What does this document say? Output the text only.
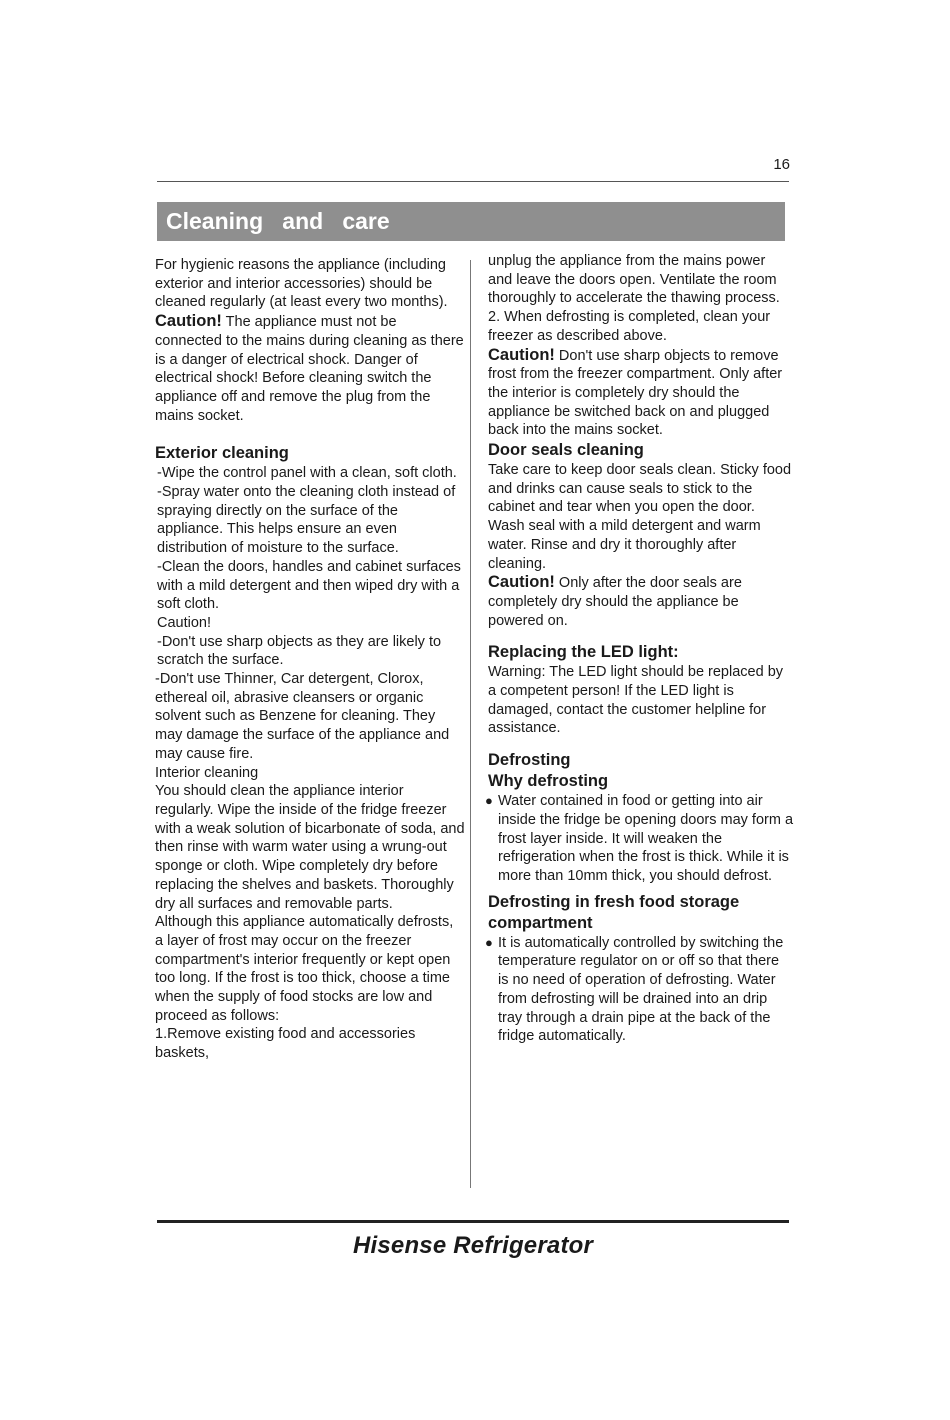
16
Cleaning   and   care

For hygienic reasons the appliance (including exterior and interior accessories) should be cleaned regularly (at least every two months).

Caution! The appliance must not be connected to the mains during cleaning as there is a danger of electrical shock. Danger of electrical shock! Before cleaning switch the appliance off and remove the plug from the mains socket.

Exterior cleaning

-Wipe the control panel with a clean, soft cloth.

-Spray water onto the cleaning cloth instead of spraying directly on the surface of the appliance. This helps ensure an even distribution of moisture to the surface.

-Clean the doors, handles and cabinet surfaces with a mild detergent and then wiped dry with a soft cloth.

Caution!

-Don't use sharp objects as they are likely to scratch the surface.

-Don't use Thinner, Car detergent, Clorox, ethereal oil, abrasive cleansers or organic solvent such as Benzene for cleaning. They may damage the surface of the appliance and may cause fire.

Interior cleaning

You should clean the appliance interior regularly. Wipe the inside of the fridge freezer with a weak solution of bicarbonate of soda, and then rinse with warm water using a wrung-out sponge or cloth. Wipe completely dry before replacing the shelves and baskets. Thoroughly dry all surfaces and removable parts.

Although this appliance automatically defrosts, a layer of frost may occur on the freezer compartment's interior frequently or kept open too long. If the frost is too thick, choose a time when the supply of food stocks are low and proceed as follows:

1.Remove existing food and accessories baskets,

unplug the appliance from the mains power and leave the doors open. Ventilate the room thoroughly to accelerate the thawing process.

2. When defrosting is completed, clean your freezer as described above.

Caution! Don't use sharp objects to remove frost from the freezer compartment. Only after the interior is completely dry should the appliance be switched back on and plugged back into the mains socket.

Door seals cleaning

Take care to keep door seals clean. Sticky food and drinks can cause seals to stick to the cabinet and tear when you open the door. Wash seal with a mild detergent and warm water. Rinse and dry it thoroughly after cleaning.

Caution! Only after the door seals are completely dry should the appliance be powered on.

Replacing the LED light:

Warning: The LED light should be replaced by a competent person! If the LED light is damaged, contact the customer helpline for assistance.

Defrosting

Why defrosting

● Water contained in food or getting into air inside the fridge be opening doors may form a frost layer inside. It will weaken the refrigeration when the frost is thick. While it is more than 10mm thick, you should defrost.

Defrosting in fresh food storage compartment

● It is automatically controlled by switching the temperature regulator on or off so that there is no need of operation of defrosting. Water from defrosting will be drained into an drip tray through a drain pipe at the back of the fridge automatically.

Hisense Refrigerator
